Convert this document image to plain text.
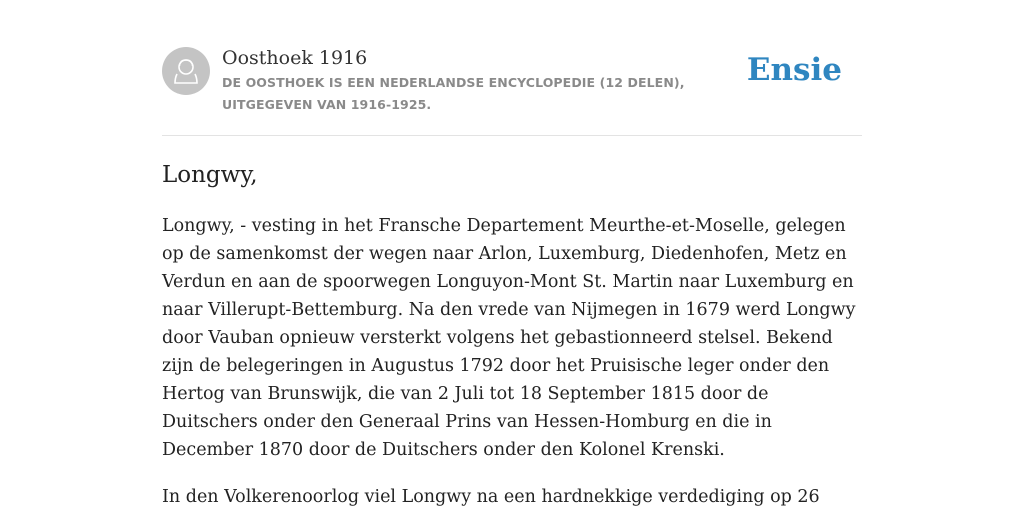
Oosthoek 1916
DE OOSTHOEK IS EEN NEDERLANDSE ENCYCLOPEDIE (12 DELEN), UITGEGEVEN VAN 1916-1925.
Ensie
Longwy,

Longwy, - vesting in het Fransche Departement Meurthe-et-Moselle, gelegen op de samenkomst der wegen naar Arlon, Luxemburg, Diedenhofen, Metz en Verdun en aan de spoorwegen Longuyon-Mont St. Martin naar Luxemburg en naar Villerupt-Bettemburg. Na den vrede van Nijmegen in 1679 werd Longwy door Vauban opnieuw versterkt volgens het gebastionneerd stelsel. Bekend zijn de belegeringen in Augustus 1792 door het Pruisische leger onder den Hertog van Brunswijk, die van 2 Juli tot 18 September 1815 door de Duitschers onder den Generaal Prins van Hessen-Homburg en die in December 1870 door de Duitschers onder den Kolonel Krenski.

In den Volkerenoorlog viel Longwy na een hardnekkige verdediging op 26
